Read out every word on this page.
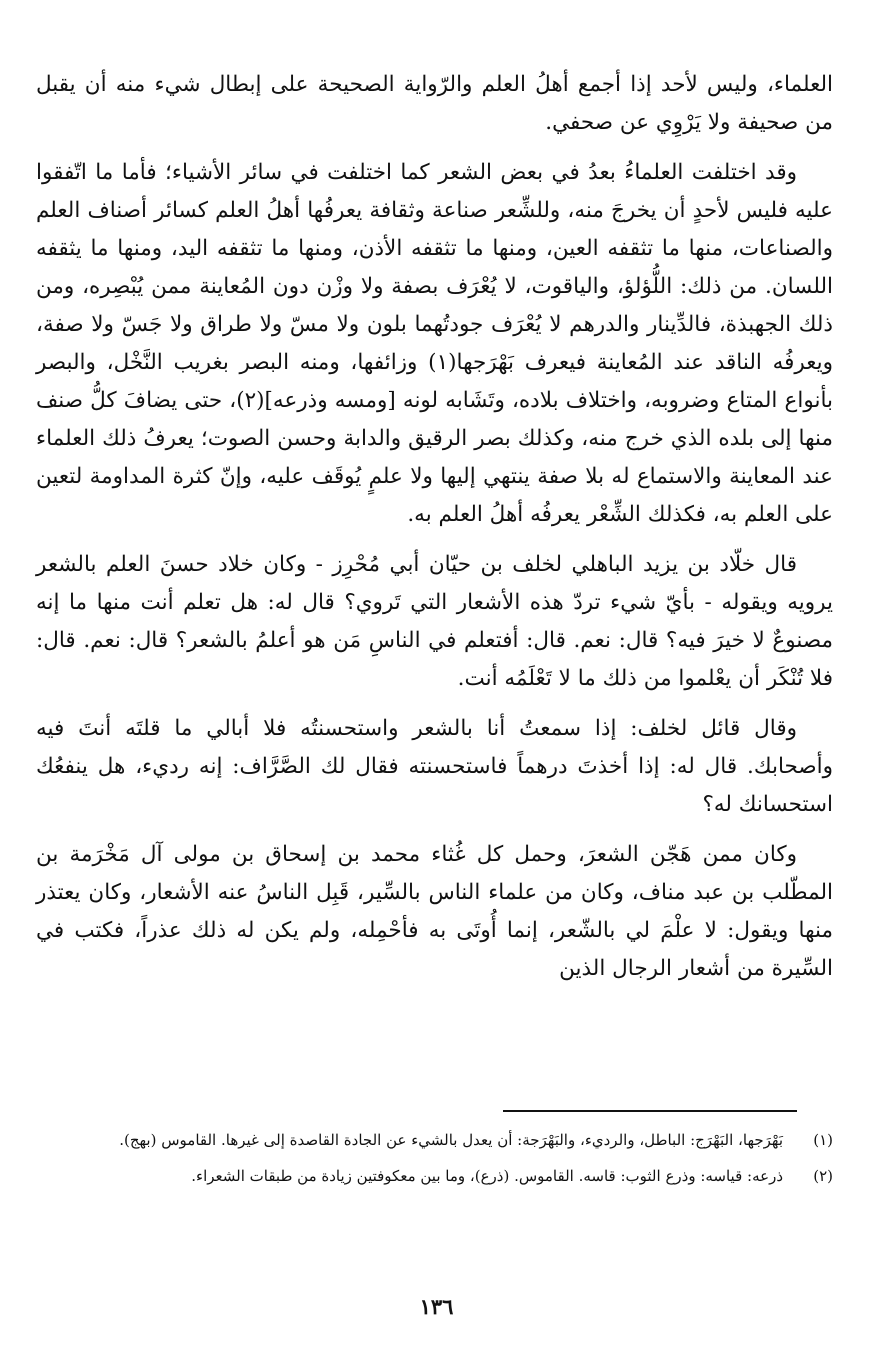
العلماء، وليس لأحد إذا أجمع أهلُ العلم والرّواية الصحيحة على إبطال شيء منه أن يقبل من صحيفة ولا يَرْوِي عن صحفي.

وقد اختلفت العلماءُ بعدُ في بعض الشعر كما اختلفت في سائر الأشياء؛ فأما ما اتّفقوا عليه فليس لأحدٍ أن يخرجَ منه، وللشِّعر صناعة وثقافة يعرفُها أهلُ العلم كسائر أصناف العلم والصناعات، منها ما تثقفه العين، ومنها ما تثقفه الأذن، ومنها ما تثقفه اليد، ومنها ما يثقفه اللسان. من ذلك: اللُّؤلؤ، والياقوت، لا يُعْرَف بصفة ولا وزْن دون المُعاينة ممن يُبْصِره، ومن ذلك الجهبذة، فالدِّينار والدرهم لا يُعْرَف جودتُهما بلون ولا مسّ ولا طراق ولا جَسّ ولا صفة، ويعرفُه الناقد عند المُعاينة فيعرف بَهْرَجها(١) وزائفها، ومنه البصر بغريب النَّخْل، والبصر بأنواع المتاع وضروبه، واختلاف بلاده، وتَشَابه لونه [ومسه وذرعه](٢)، حتى يضافَ كلُّ صنف منها إلى بلده الذي خرج منه، وكذلك بصر الرقيق والدابة وحسن الصوت؛ يعرفُ ذلك العلماء عند المعاينة والاستماع له بلا صفة ينتهي إليها ولا علمٍ يُوقَف عليه، وإنّ كثرة المداومة لتعين على العلم به، فكذلك الشِّعْر يعرفُه أهلُ العلم به.

قال خلّاد بن يزيد الباهلي لخلف بن حيّان أبي مُحْرِز - وكان خلاد حسنَ العلم بالشعر يرويه ويقوله - بأيّ شيء تردّ هذه الأشعار التي تَروي؟ قال له: هل تعلم أنت منها ما إنه مصنوعٌ لا خيرَ فيه؟ قال: نعم. قال: أفتعلم في الناسِ مَن هو أعلمُ بالشعر؟ قال: نعم. قال: فلا تُنْكَر أن يعْلموا من ذلك ما لا تَعْلَمُه أنت.

وقال قائل لخلف: إذا سمعتُ أنا بالشعر واستحسنتُه فلا أبالي ما قلتَه أنتَ فيه وأصحابك. قال له: إذا أخذتَ درهماً فاستحسنته فقال لك الصَّرَّاف: إنه رديء، هل ينفعُك استحسانك له؟

وكان ممن هَجّن الشعرَ، وحمل كل غُثاء محمد بن إسحاق بن مولى آل مَخْرَمة بن المطّلب بن عبد مناف، وكان من علماء الناس بالسِّير، قَبِل الناسُ عنه الأشعار، وكان يعتذر منها ويقول: لا علْمَ لي بالشّعر، إنما أُوتَى به فأحْمِله، ولم يكن له ذلك عذراً، فكتب في السِّيرة من أشعار الرجال الذين

(١)
بَهْرَجها، البَهْرَج: الباطل، والرديء، والبَهْرَجة: أن يعدل بالشيء عن الجادة القاصدة إلى غيرها. القاموس (بهج).
(٢)
ذرعه: قياسه: وذرع الثوب: قاسه. القاموس. (ذرع)، وما بين معكوفتين زيادة من طبقات الشعراء.
١٣٦
